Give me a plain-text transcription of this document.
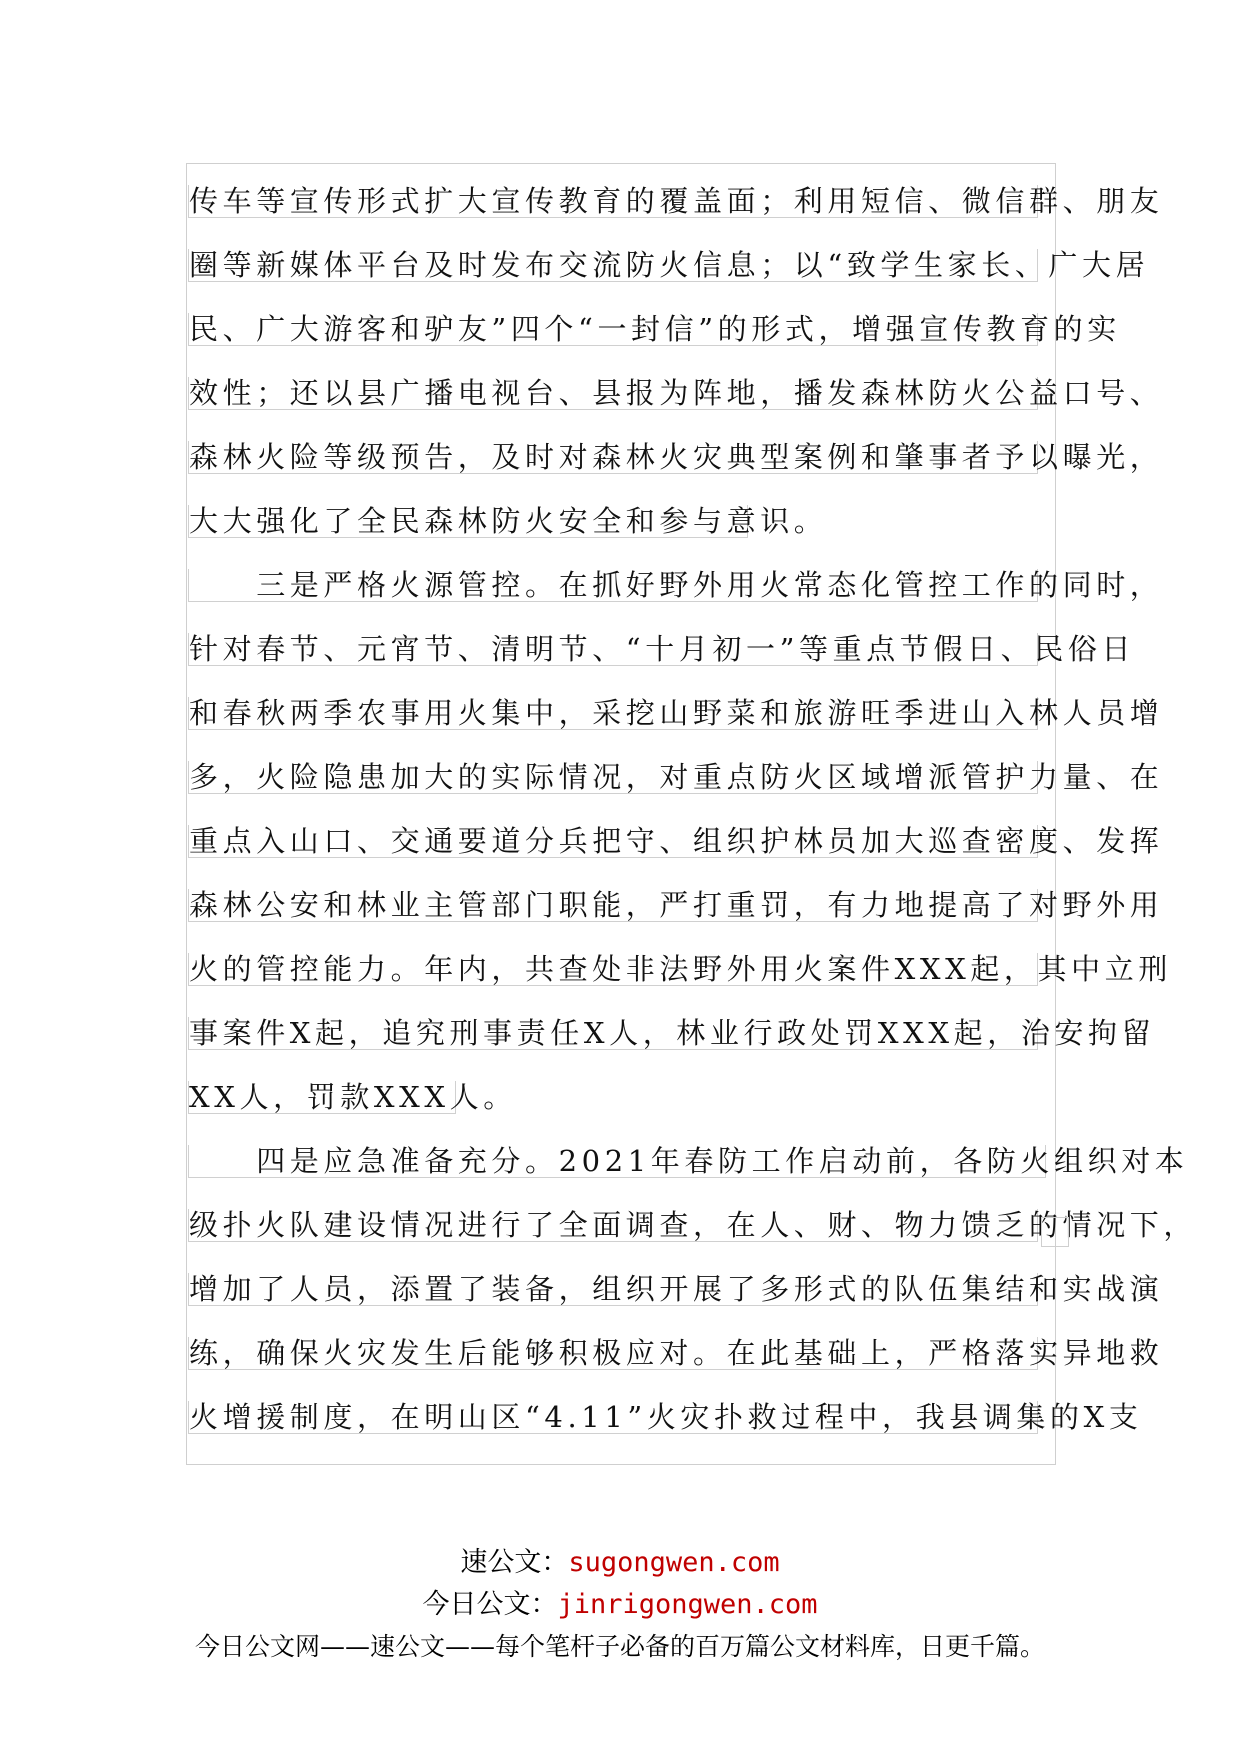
传车等宣传形式扩大宣传教育的覆盖面；利用短信、微信群、朋友
圈等新媒体平台及时发布交流防火信息；以“致学生家长、广大居
民、广大游客和驴友”四个“一封信”的形式，增强宣传教育的实
效性；还以县广播电视台、县报为阵地，播发森林防火公益口号、
森林火险等级预告，及时对森林火灾典型案例和肇事者予以曝光，
大大强化了全民森林防火安全和参与意识。
　　三是严格火源管控。在抓好野外用火常态化管控工作的同时，
针对春节、元宵节、清明节、“十月初一”等重点节假日、民俗日
和春秋两季农事用火集中，采挖山野菜和旅游旺季进山入林人员增
多，火险隐患加大的实际情况，对重点防火区域增派管护力量、在
重点入山口、交通要道分兵把守、组织护林员加大巡查密度、发挥
森林公安和林业主管部门职能，严打重罚，有力地提高了对野外用
火的管控能力。年内，共查处非法野外用火案件XXX起，其中立刑
事案件X起，追究刑事责任X人，林业行政处罚XXX起，治安拘留
XX人，罚款XXX人。
　　四是应急准备充分。2021年春防工作启动前，各防火组织对本
级扑火队建设情况进行了全面调查，在人、财、物力馈乏的情况下，
增加了人员，添置了装备，组织开展了多形式的队伍集结和实战演
练，确保火灾发生后能够积极应对。在此基础上，严格落实异地救
火增援制度，在明山区“4.11”火灾扑救过程中，我县调集的X支
速公文：sugongwen.com
今日公文：jinrigongwen.com
今日公文网——速公文——每个笔杆子必备的百万篇公文材料库，日更千篇。
